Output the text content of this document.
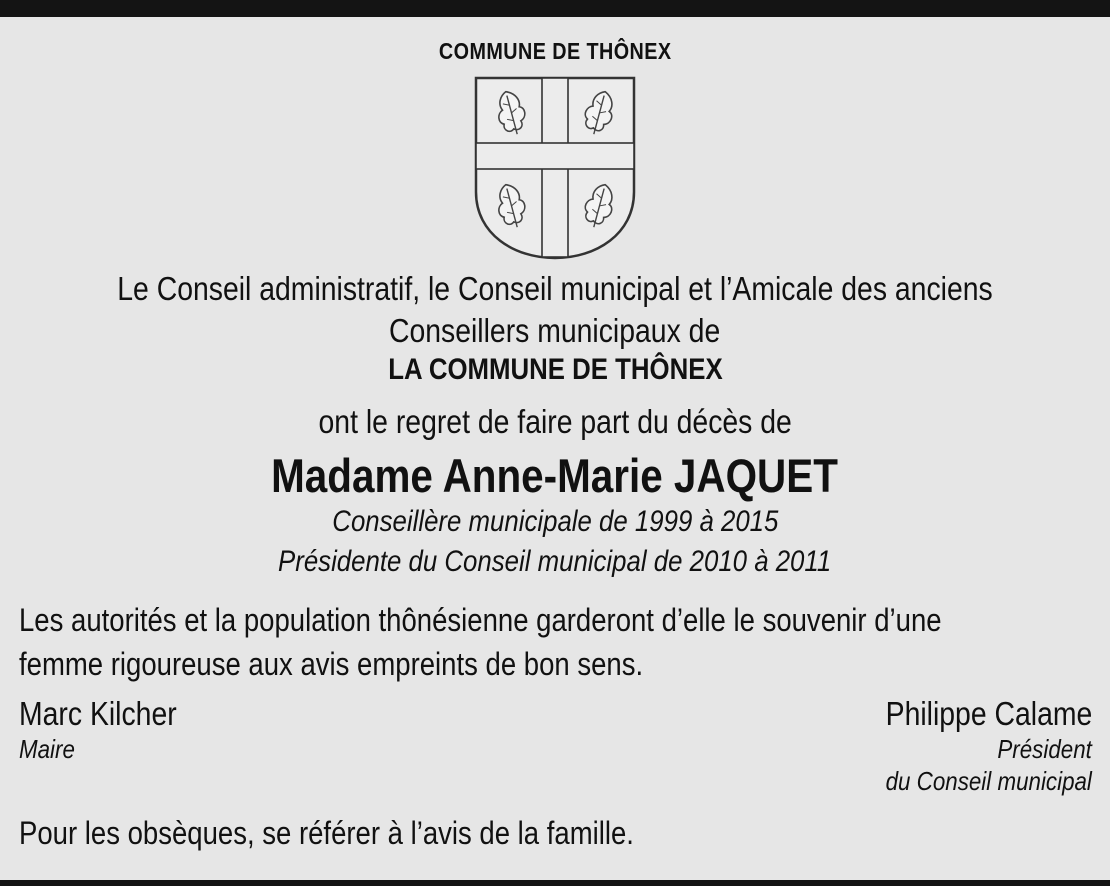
COMMUNE DE THÔNEX
Le Conseil administratif, le Conseil municipal et l’Amicale des anciens
Conseillers municipaux de
LA COMMUNE DE THÔNEX
ont le regret de faire part du décès de
Madame Anne-Marie JAQUET
Conseillère municipale de 1999 à 2015
Présidente du Conseil municipal de 2010 à 2011
Les autorités et la population thônésienne garderont d’elle le souvenir d’une
femme rigoureuse aux avis empreints de bon sens.
Marc Kilcher
Maire
Philippe Calame
Président
du Conseil municipal
Pour les obsèques, se référer à l’avis de la famille.
